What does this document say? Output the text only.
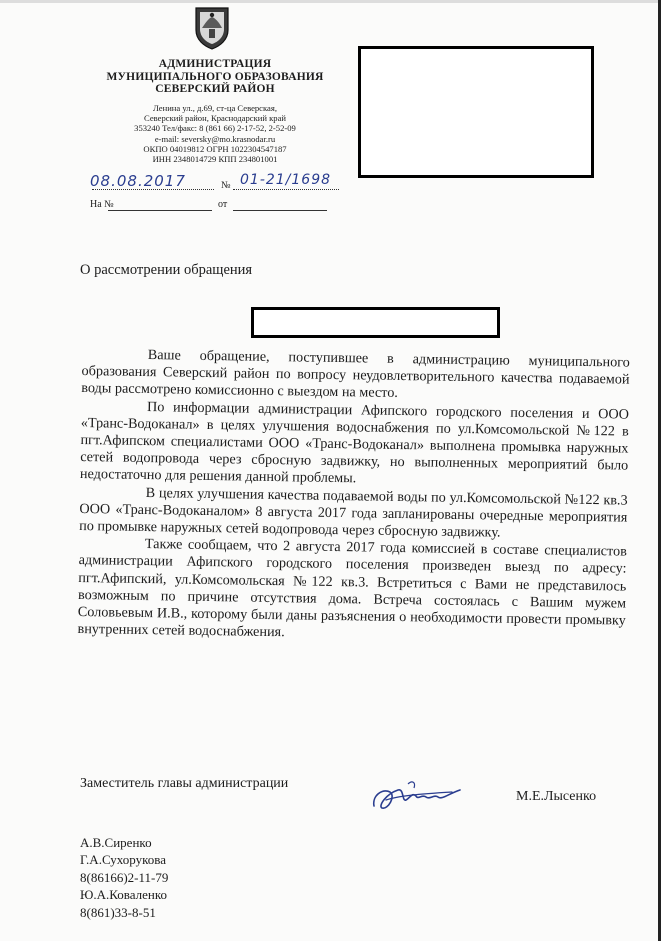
АДМИНИСТРАЦИЯ
МУНИЦИПАЛЬНОГО ОБРАЗОВАНИЯ
СЕВЕРСКИЙ РАЙОН
Ленина ул., д.69, ст-ца Северская,
Северский район, Краснодарский край
353240 Тел/факс: 8 (861 66) 2-17-52, 2-52-09
e-mail: seversky@mo.krasnodar.ru
ОКПО 04019812 ОГРН 1022304547187
ИНН 2348014729 КПП 234801001
08.08.2017	№ 01-21/1698
На №	от
О рассмотрении обращения

Ваше обращение, поступившее в администрацию муниципального образования Северский район по вопросу неудовлетворительного качества подаваемой воды рассмотрено комиссионно с выездом на место.

По информации администрации Афипского городского поселения и ООО «Транс-Водоканал» в целях улучшения водоснабжения по ул.Комсомольской №122 в пгт.Афипском специалистами ООО «Транс-Водоканал» выполнена промывка наружных сетей водопровода через сбросную задвижку, но выполненных мероприятий было недостаточно для решения данной проблемы.

В целях улучшения качества подаваемой воды по ул.Комсомольской №122 кв.3 ООО «Транс-Водоканалом» 8 августа 2017 года запланированы очередные мероприятия по промывке наружных сетей водопровода через сбросную задвижку.

Также сообщаем, что 2 августа 2017 года комиссией в составе специалистов администрации Афипского городского поселения произведен выезд по адресу: пгт.Афипский, ул.Комсомольская №122 кв.3. Встретиться с Вами не представилось возможным по причине отсутствия дома. Встреча состоялась с Вашим мужем Соловьевым И.В., которому были даны разъяснения о необходимости провести промывку внутренних сетей водоснабжения.

Заместитель главы администрации
М.Е.Лысенко
А.В.Сиренко
Г.А.Сухорукова
8(86166)2-11-79
Ю.А.Коваленко
8(861)33-8-51
